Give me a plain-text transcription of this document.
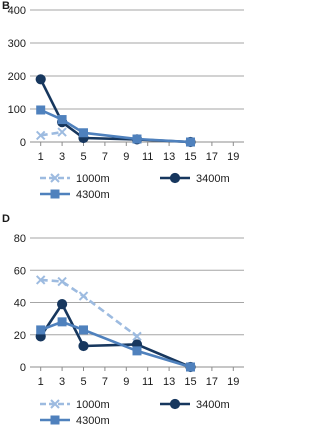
B
0
100
200
300
400
1 3 5 7 9 11 13 15 17 19
1000m	3400m
4300m
D
0
20
40
60
80
1 3 5 7 9 11 13 15 17 19
1000m	3400m
4300m
